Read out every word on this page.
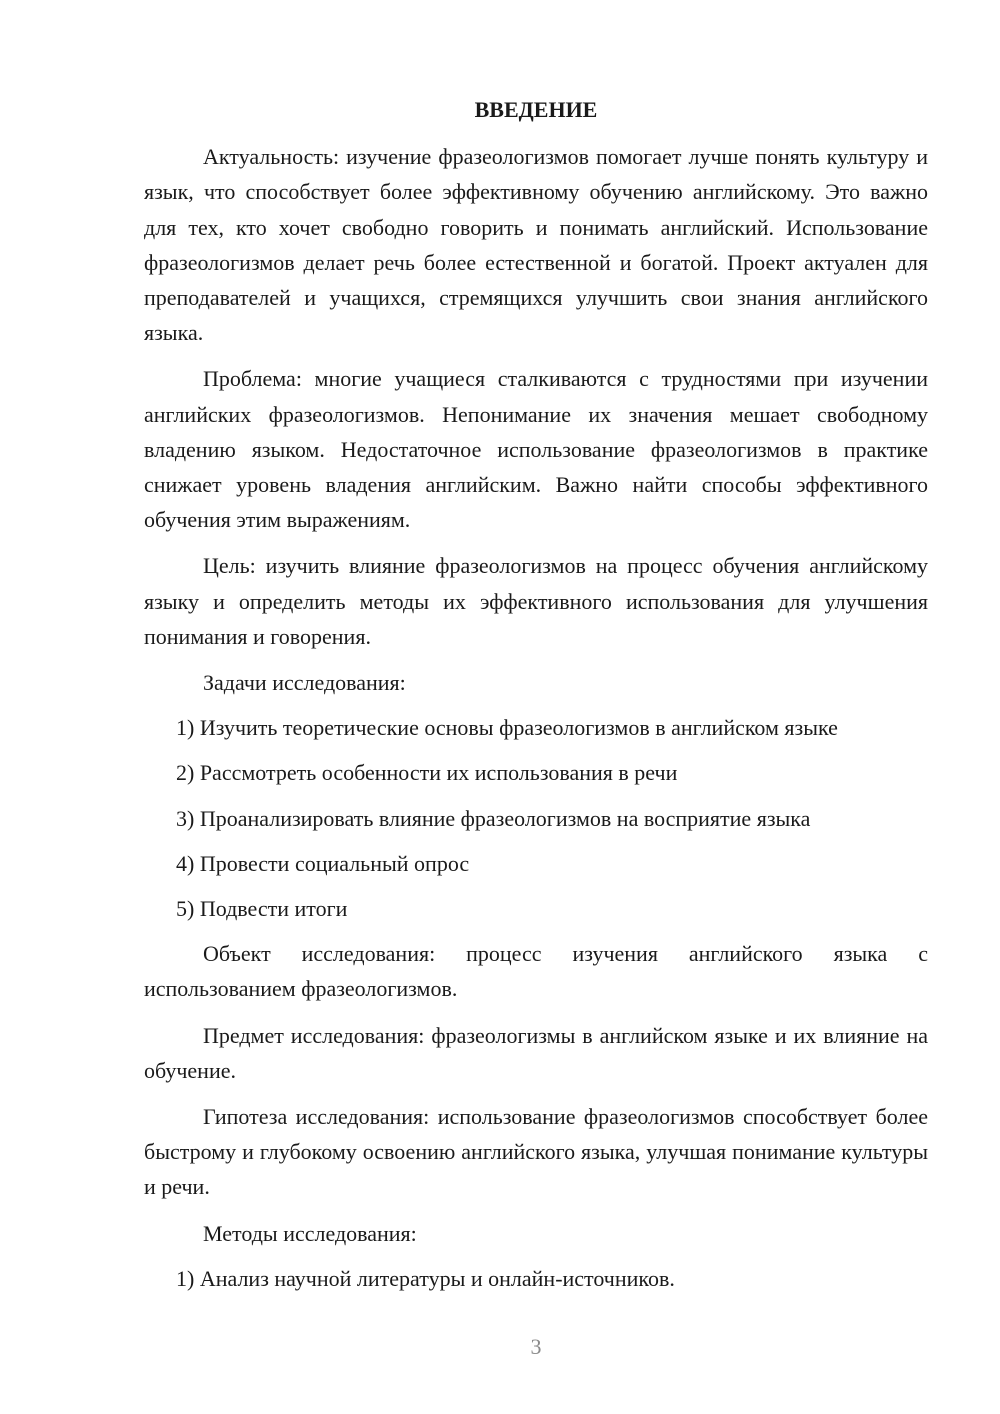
ВВЕДЕНИЕ

Актуальность: изучение фразеологизмов помогает лучше понять культуру и язык, что способствует более эффективному обучению английскому. Это важно для тех, кто хочет свободно говорить и понимать английский. Использование фразеологизмов делает речь более естественной и богатой. Проект актуален для преподавателей и учащихся, стремящихся улучшить свои знания английского языка.

Проблема: многие учащиеся сталкиваются с трудностями при изучении английских фразеологизмов. Непонимание их значения мешает свободному владению языком. Недостаточное использование фразеологизмов в практике снижает уровень владения английским. Важно найти способы эффективного обучения этим выражениям.

Цель: изучить влияние фразеологизмов на процесс обучения английскому языку и определить методы их эффективного использования для улучшения понимания и говорения.

Задачи исследования:

1) Изучить теоретические основы фразеологизмов в английском языке
2) Рассмотреть особенности их использования в речи
3) Проанализировать влияние фразеологизмов на восприятие языка
4) Провести социальный опрос
5) Подвести итоги

Объект исследования: процесс изучения английского языка с использованием фразеологизмов.

Предмет исследования: фразеологизмы в английском языке и их влияние на обучение.

Гипотеза исследования: использование фразеологизмов способствует более быстрому и глубокому освоению английского языка, улучшая понимание культуры и речи.

Методы исследования:

1) Анализ научной литературы и онлайн-источников.
3
